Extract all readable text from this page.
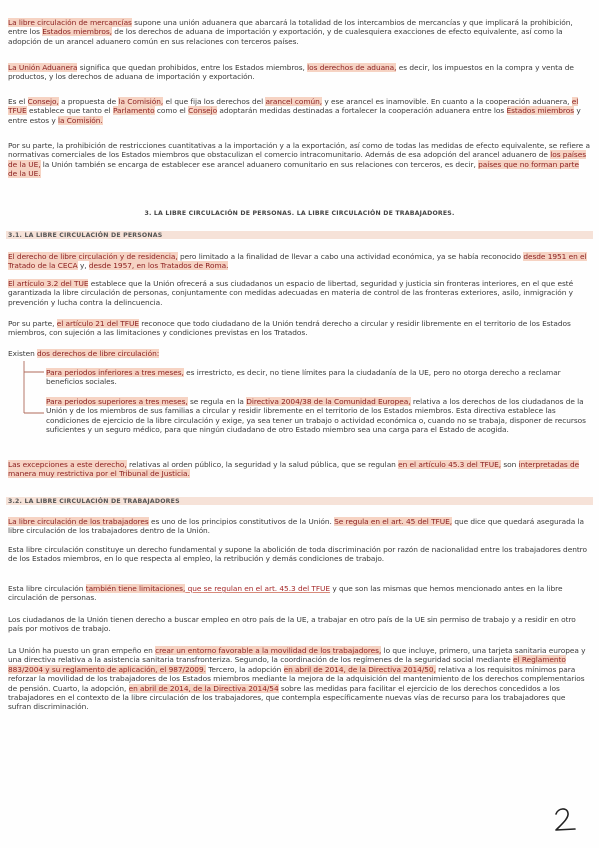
La libre circulación de mercancías supone una unión aduanera que abarcará la totalidad de los intercambios de mercancías y que implicará la prohibición, entre los Estados miembros, de los derechos de aduana de importación y exportación, y de cualesquiera exacciones de efecto equivalente, así como la adopción de un arancel aduanero común en sus relaciones con terceros países.

La Unión Aduanera significa que quedan prohibidos, entre los Estados miembros, los derechos de aduana, es decir, los impuestos en la compra y venta de productos, y los derechos de aduana de importación y exportación.

Es el Consejo, a propuesta de la Comisión, el que fija los derechos del arancel común, y ese arancel es inamovible. En cuanto a la cooperación aduanera, el TFUE establece que tanto el Parlamento como el Consejo adoptarán medidas destinadas a fortalecer la cooperación aduanera entre los Estados miembros y entre estos y la Comisión.

Por su parte, la prohibición de restricciones cuantitativas a la importación y a la exportación, así como de todas las medidas de efecto equivalente, se refiere a normativas comerciales de los Estados miembros que obstaculizan el comercio intracomunitario. Además de esa adopción del arancel aduanero de los países de la UE, la Unión también se encarga de establecer ese arancel aduanero comunitario en sus relaciones con terceros, es decir, países que no forman parte de la UE.

3. LA LIBRE CIRCULACIÓN DE PERSONAS. LA LIBRE CIRCULACIÓN DE TRABAJADORES.
3.1. LA LIBRE CIRCULACIÓN DE PERSONAS

El derecho de libre circulación y de residencia, pero limitado a la finalidad de llevar a cabo una actividad económica, ya se había reconocido desde 1951 en el Tratado de la CECA y, desde 1957, en los Tratados de Roma.

El artículo 3.2 del TUE establece que la Unión ofrecerá a sus ciudadanos un espacio de libertad, seguridad y justicia sin fronteras interiores, en el que esté garantizada la libre circulación de personas, conjuntamente con medidas adecuadas en materia de control de las fronteras exteriores, asilo, inmigración y prevención y lucha contra la delincuencia.

Por su parte, el artículo 21 del TFUE reconoce que todo ciudadano de la Unión tendrá derecho a circular y residir libremente en el territorio de los Estados miembros, con sujeción a las limitaciones y condiciones previstas en los Tratados.

Existen dos derechos de libre circulación:

Para periodos inferiores a tres meses, es irrestricto, es decir, no tiene límites para la ciudadanía de la UE, pero no otorga derecho a reclamar beneficios sociales.

Para periodos superiores a tres meses, se regula en la Directiva 2004/38 de la Comunidad Europea, relativa a los derechos de los ciudadanos de la Unión y de los miembros de sus familias a circular y residir libremente en el territorio de los Estados miembros. Esta directiva establece las condiciones de ejercicio de la libre circulación y exige, ya sea tener un trabajo o actividad económica o, cuando no se trabaja, disponer de recursos suficientes y un seguro médico, para que ningún ciudadano de otro Estado miembro sea una carga para el Estado de acogida.

Las excepciones a este derecho, relativas al orden público, la seguridad y la salud pública, que se regulan en el artículo 45.3 del TFUE, son interpretadas de manera muy restrictiva por el Tribunal de Justicia.

3.2. LA LIBRE CIRCULACIÓN DE TRABAJADORES

La libre circulación de los trabajadores es uno de los principios constitutivos de la Unión. Se regula en el art. 45 del TFUE, que dice que quedará asegurada la libre circulación de los trabajadores dentro de la Unión.

Esta libre circulación constituye un derecho fundamental y supone la abolición de toda discriminación por razón de nacionalidad entre los trabajadores dentro de los Estados miembros, en lo que respecta al empleo, la retribución y demás condiciones de trabajo.

Esta libre circulación también tiene limitaciones, que se regulan en el art. 45.3 del TFUE y que son las mismas que hemos mencionado antes en la libre circulación de personas.

Los ciudadanos de la Unión tienen derecho a buscar empleo en otro país de la UE, a trabajar en otro país de la UE sin permiso de trabajo y a residir en otro país por motivos de trabajo.

La Unión ha puesto un gran empeño en crear un entorno favorable a la movilidad de los trabajadores, lo que incluye, primero, una tarjeta sanitaria europea y una directiva relativa a la asistencia sanitaria transfronteriza. Segundo, la coordinación de los regímenes de la seguridad social mediante el Reglamento 883/2004 y su reglamento de aplicación, el 987/2009. Tercero, la adopción en abril de 2014, de la Directiva 2014/50, relativa a los requisitos mínimos para reforzar la movilidad de los trabajadores de los Estados miembros mediante la mejora de la adquisición del mantenimiento de los derechos complementarios de pensión. Cuarto, la adopción, en abril de 2014, de la Directiva 2014/54 sobre las medidas para facilitar el ejercicio de los derechos concedidos a los trabajadores en el contexto de la libre circulación de los trabajadores, que contempla específicamente nuevas vías de recurso para los trabajadores que sufran discriminación.
